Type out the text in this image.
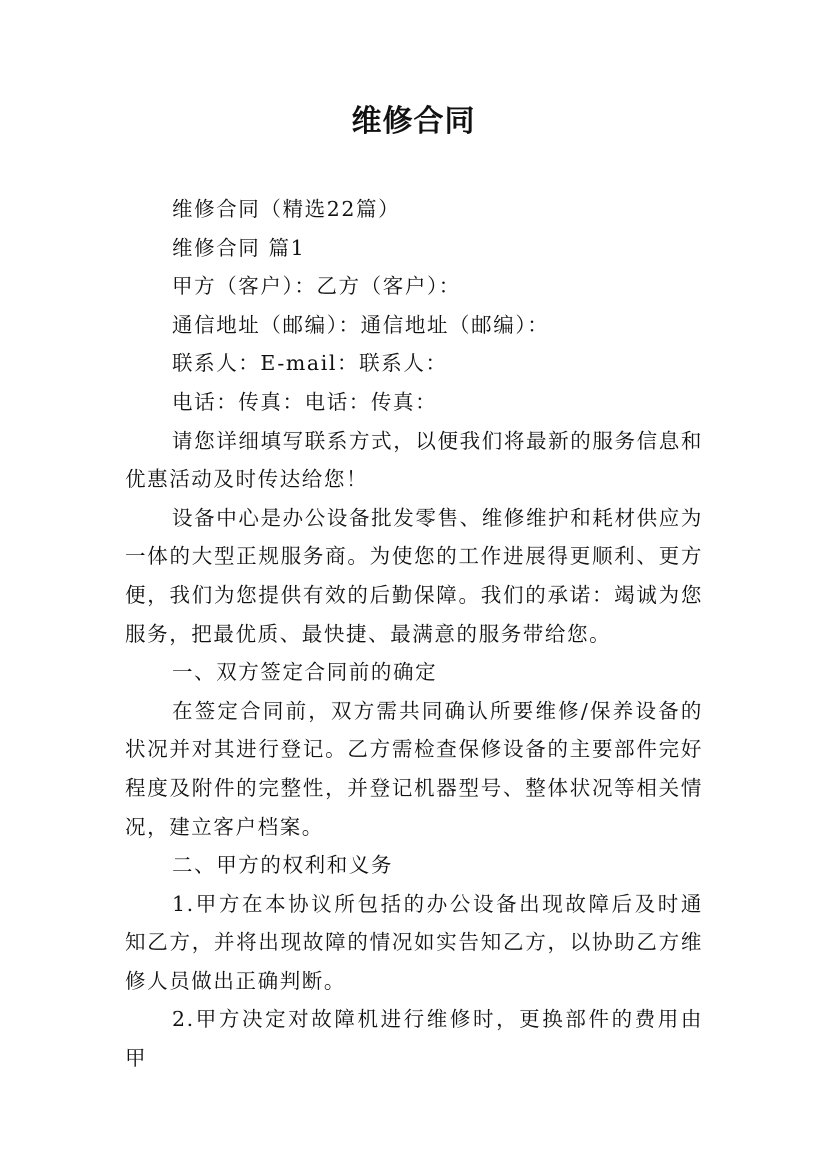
维修合同

维修合同（精选22篇）

维修合同 篇1

甲方（客户）：乙方（客户）：

通信地址（邮编）：通信地址（邮编）：

联系人：E-mail：联系人：

电话：传真：电话：传真：

请您详细填写联系方式，以便我们将最新的服务信息和优惠活动及时传达给您！

设备中心是办公设备批发零售、维修维护和耗材供应为一体的大型正规服务商。为使您的工作进展得更顺利、更方便，我们为您提供有效的后勤保障。我们的承诺：竭诚为您服务，把最优质、最快捷、最满意的服务带给您。

一、双方签定合同前的确定

在签定合同前，双方需共同确认所要维修/保养设备的状况并对其进行登记。乙方需检查保修设备的主要部件完好程度及附件的完整性，并登记机器型号、整体状况等相关情况，建立客户档案。

二、甲方的权利和义务

1.甲方在本协议所包括的办公设备出现故障后及时通知乙方，并将出现故障的情况如实告知乙方，以协助乙方维修人员做出正确判断。

2.甲方决定对故障机进行维修时，更换部件的费用由甲
